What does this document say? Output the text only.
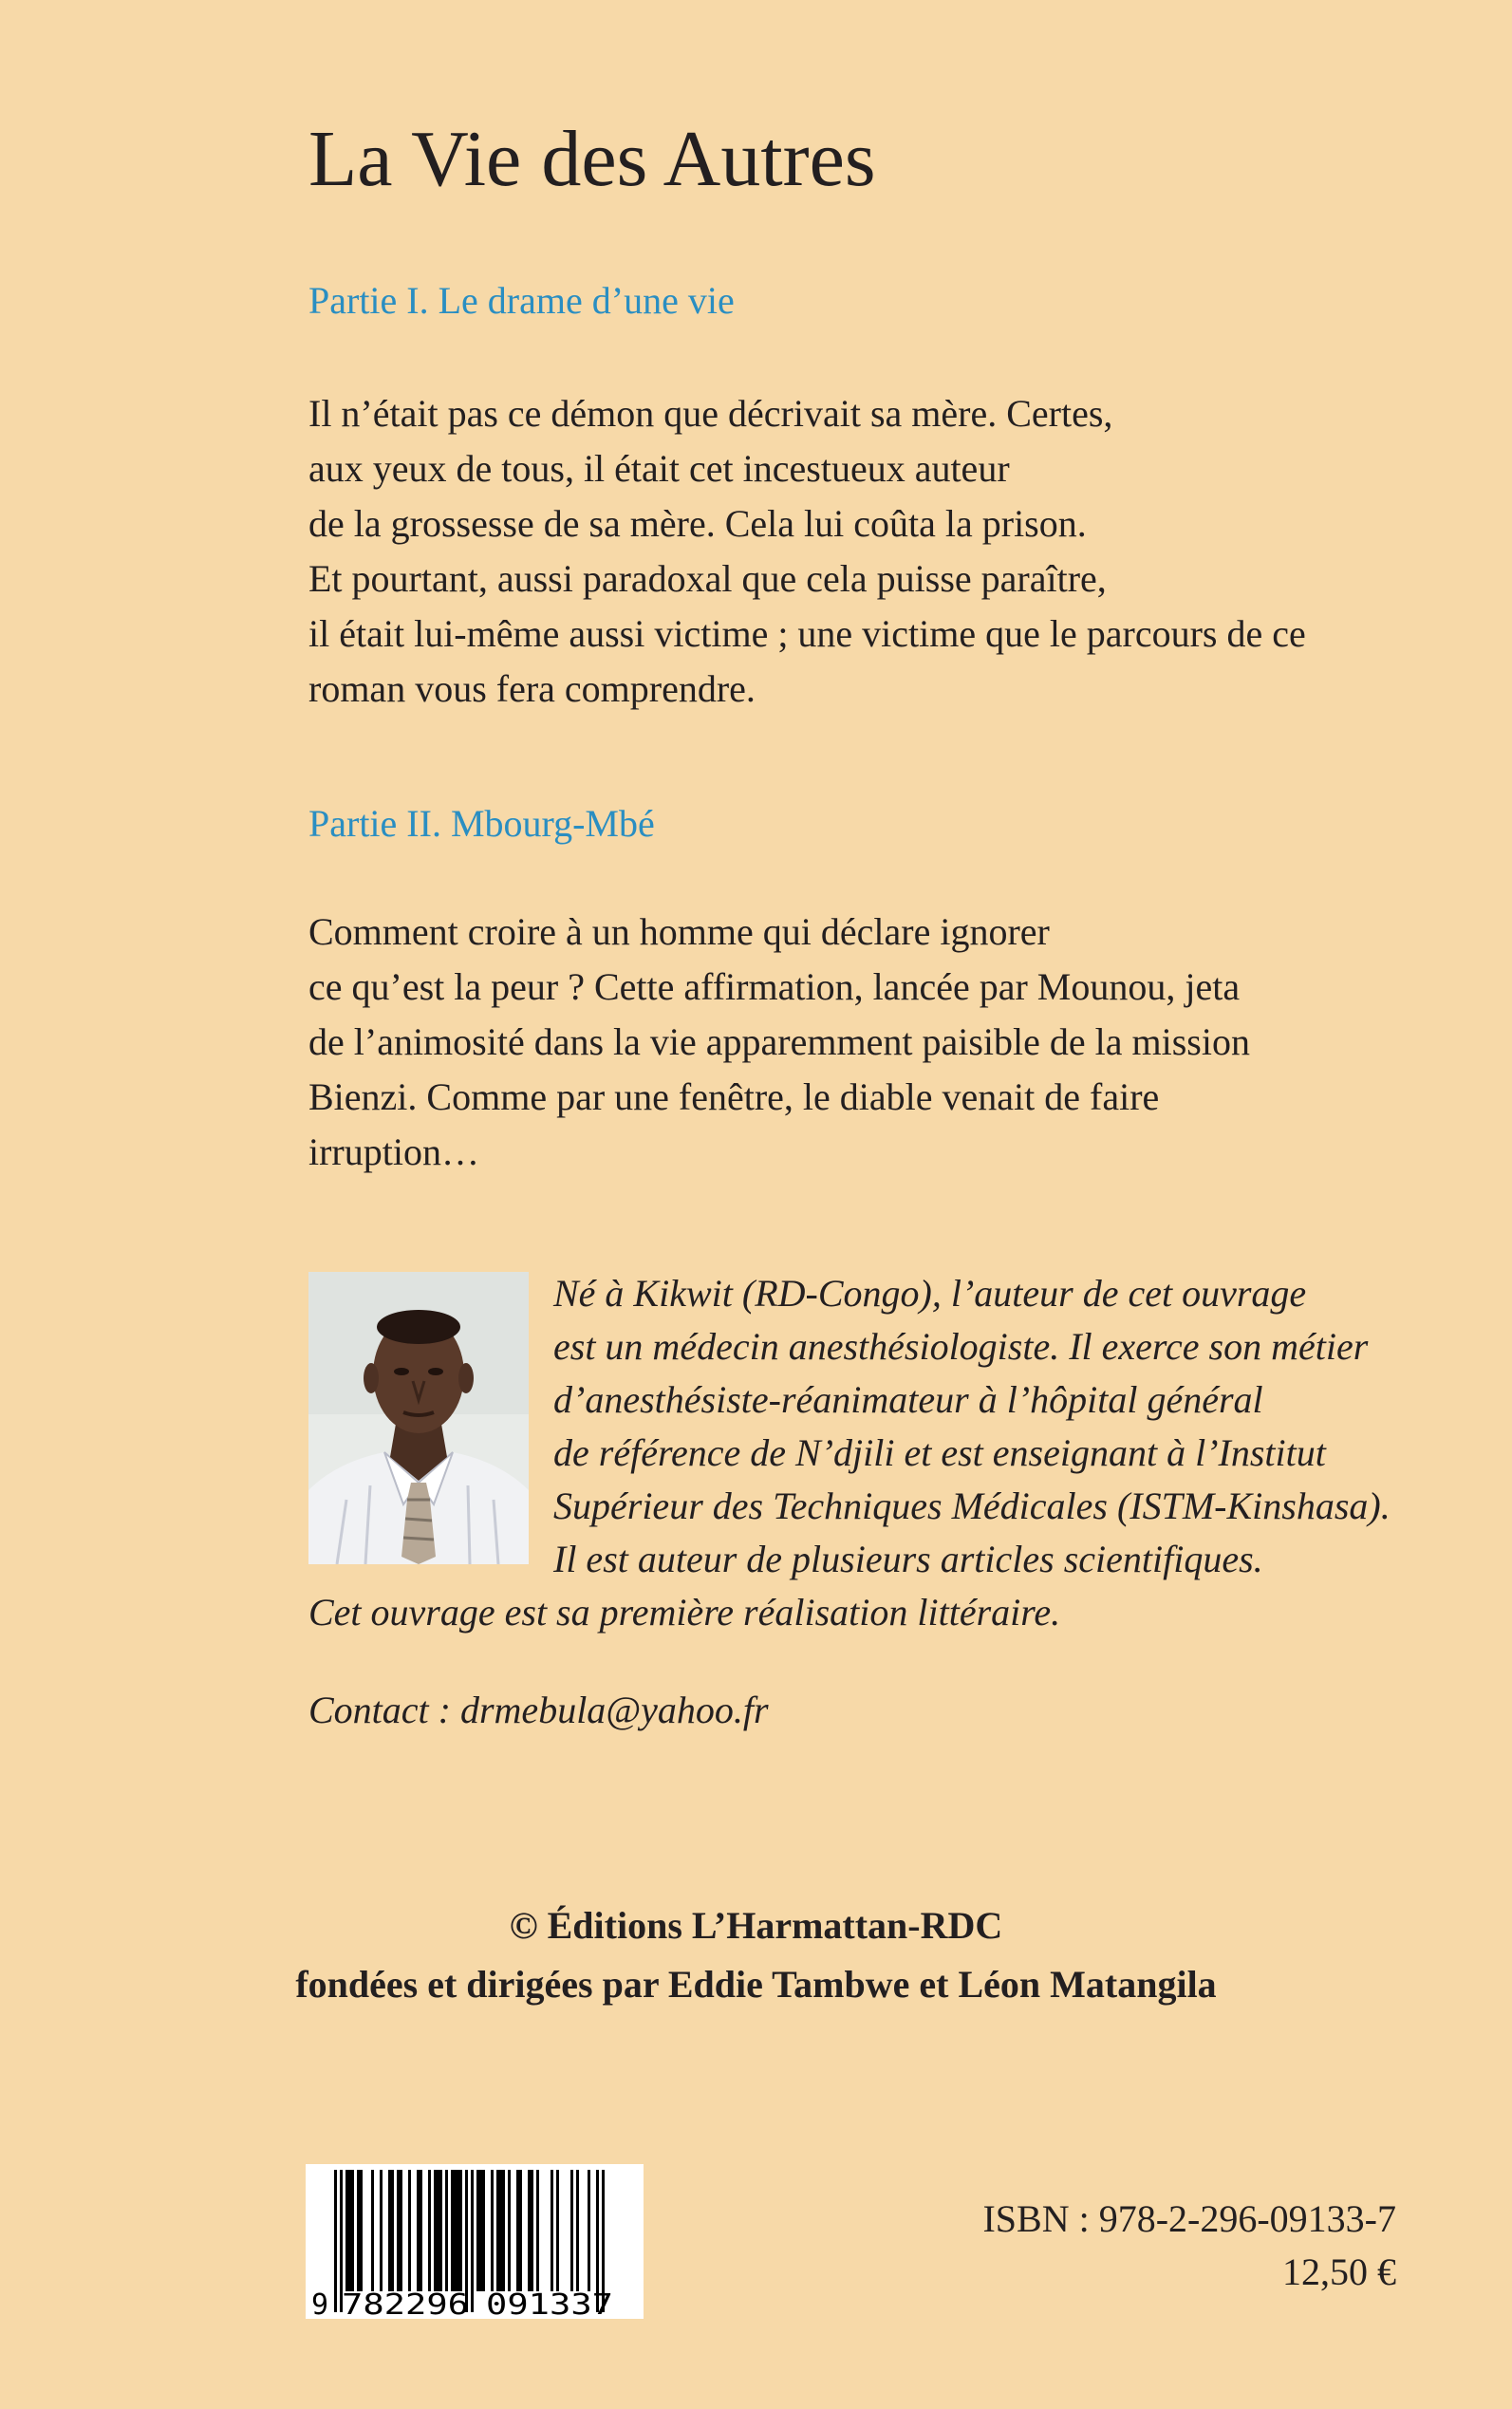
La Vie des Autres
Partie I. Le drame d’une vie

Il n’était pas ce démon que décrivait sa mère. Certes,
aux yeux de tous, il était cet incestueux auteur
de la grossesse de sa mère. Cela lui coûta la prison.
Et pourtant, aussi paradoxal que cela puisse paraître,
il était lui-même aussi victime ; une victime que le parcours de ce
roman vous fera comprendre.

Partie II. Mbourg-Mbé

Comment croire à un homme qui déclare ignorer
ce qu’est la peur ? Cette affirmation, lancée par Mounou, jeta
de l’animosité dans la vie apparemment paisible de la mission
Bienzi. Comme par une fenêtre, le diable venait de faire
irruption…

Né à Kikwit (RD-Congo), l’auteur de cet ouvrage
est un médecin anesthésiologiste. Il exerce son métier
d’anesthésiste-réanimateur à l’hôpital général
de référence de N’djili et est enseignant à l’Institut
Supérieur des Techniques Médicales (ISTM-Kinshasa).
Il est auteur de plusieurs articles scientifiques.
Cet ouvrage est sa première réalisation littéraire.

Contact : drmebula@yahoo.fr

© Éditions L’Harmattan-RDC
fondées et dirigées par Eddie Tambwe et Léon Matangila

9 782296 091337

ISBN : 978-2-296-09133-7
12,50 €
